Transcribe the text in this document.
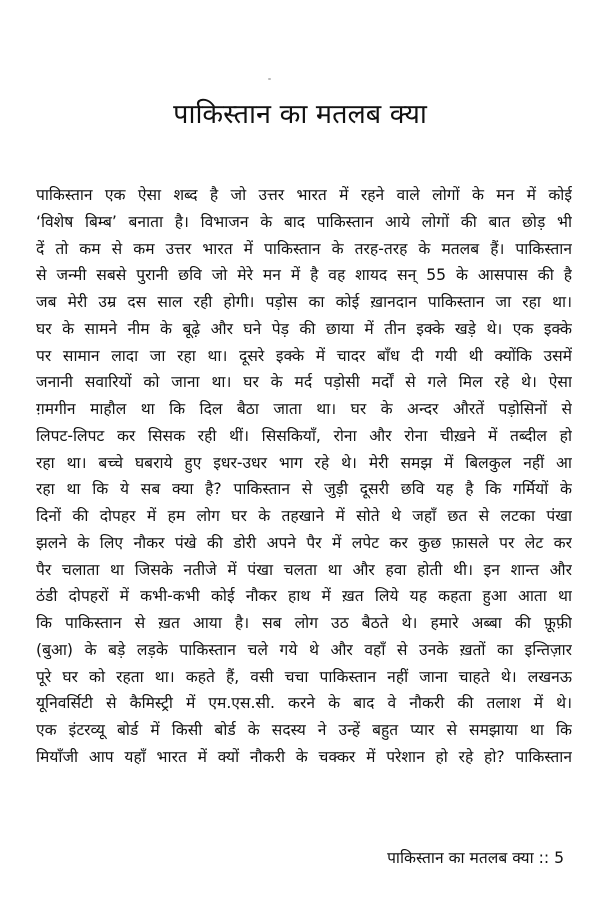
पाकिस्तान का मतलब क्या
पाकिस्तान एक ऐसा शब्द है जो उत्तर भारत में रहने वाले लोगों के मन में कोई
‘विशेष बिम्ब’ बनाता है। विभाजन के बाद पाकिस्तान आये लोगों की बात छोड़ भी
दें तो कम से कम उत्तर भारत में पाकिस्तान के तरह-तरह के मतलब हैं। पाकिस्तान
से जन्मी सबसे पुरानी छवि जो मेरे मन में है वह शायद सन् 55 के आसपास की है
जब मेरी उम्र दस साल रही होगी। पड़ोस का कोई ख़ानदान पाकिस्तान जा रहा था।
घर के सामने नीम के बूढ़े और घने पेड़ की छाया में तीन इक्के खड़े थे। एक इक्के
पर सामान लादा जा रहा था। दूसरे इक्के में चादर बाँध दी गयी थी क्योंकि उसमें
जनानी सवारियों को जाना था। घर के मर्द पड़ोसी मर्दों से गले मिल रहे थे। ऐसा
ग़मगीन माहौल था कि दिल बैठा जाता था। घर के अन्दर औरतें पड़ोसिनों से
लिपट-लिपट कर सिसक रही थीं। सिसकियाँ, रोना और रोना चीख़ने में तब्दील हो
रहा था। बच्चे घबराये हुए इधर-उधर भाग रहे थे। मेरी समझ में बिलकुल नहीं आ
रहा था कि ये सब क्या है? पाकिस्तान से जुड़ी दूसरी छवि यह है कि गर्मियों के
दिनों की दोपहर में हम लोग घर के तहखाने में सोते थे जहाँ छत से लटका पंखा
झलने के लिए नौकर पंखे की डोरी अपने पैर में लपेट कर कुछ फ़ासले पर लेट कर
पैर चलाता था जिसके नतीजे में पंखा चलता था और हवा होती थी। इन शान्त और
ठंडी दोपहरों में कभी-कभी कोई नौकर हाथ में ख़त लिये यह कहता हुआ आता था
कि पाकिस्तान से ख़त आया है। सब लोग उठ बैठते थे। हमारे अब्बा की फ़ूफ़ी
(बुआ) के बड़े लड़के पाकिस्तान चले गये थे और वहाँ से उनके ख़तों का इन्तिज़ार
पूरे घर को रहता था। कहते हैं, वसी चचा पाकिस्तान नहीं जाना चाहते थे। लखनऊ
यूनिवर्सिटी से कैमिस्ट्री में एम.एस.सी. करने के बाद वे नौकरी की तलाश में थे।
एक इंटरव्यू बोर्ड में किसी बोर्ड के सदस्य ने उन्हें बहुत प्यार से समझाया था कि
मियाँजी आप यहाँ भारत में क्यों नौकरी के चक्कर में परेशान हो रहे हो? पाकिस्तान
पाकिस्तान का मतलब क्या :: 5
